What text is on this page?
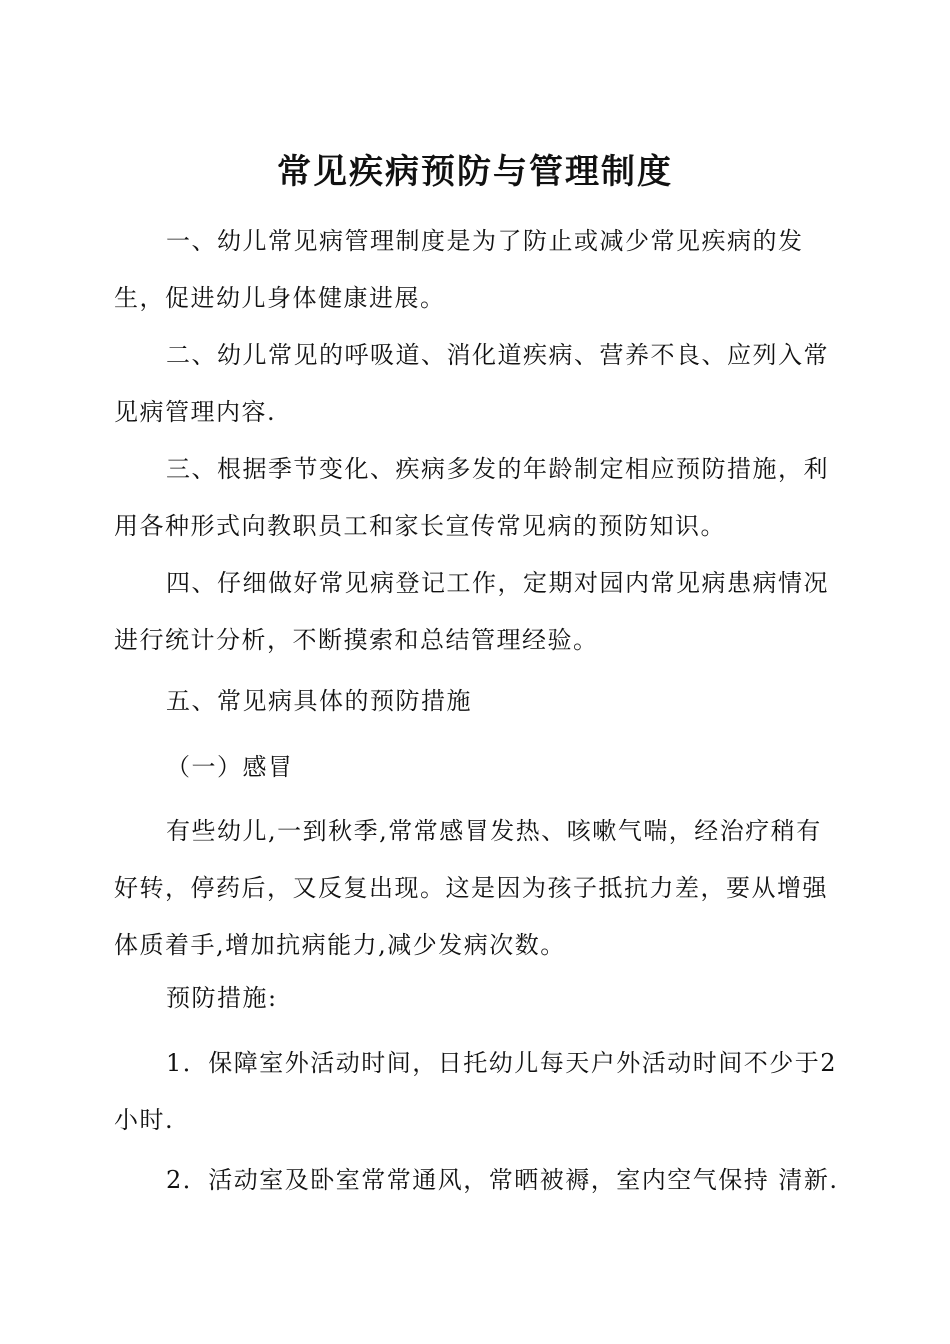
常见疾病预防与管理制度

一、幼儿常见病管理制度是为了防止或减少常见疾病的发生，促进幼儿身体健康进展。

二、幼儿常见的呼吸道、消化道疾病、营养不良、应列入常见病管理内容.

三、根据季节变化、疾病多发的年龄制定相应预防措施，利用各种形式向教职员工和家长宣传常见病的预防知识。

四、仔细做好常见病登记工作，定期对园内常见病患病情况进行统计分析，不断摸索和总结管理经验。

五、常见病具体的预防措施

（一）感冒

有些幼儿,一到秋季,常常感冒发热、咳嗽气喘，经治疗稍有好转，停药后，又反复出现。这是因为孩子抵抗力差，要从增强体质着手,增加抗病能力,减少发病次数。

预防措施:

1．保障室外活动时间，日托幼儿每天户外活动时间不少于2小时.

2．活动室及卧室常常通风，常晒被褥，室内空气保持 清新.
